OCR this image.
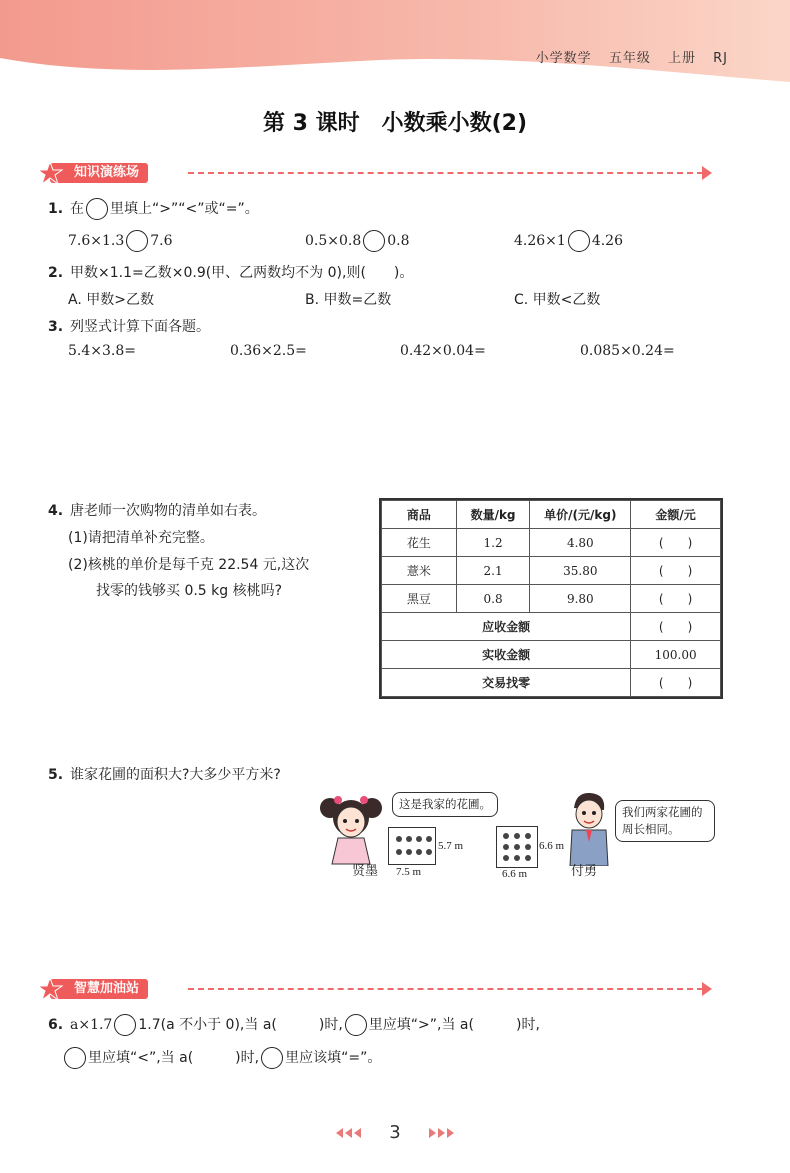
小学数学 五年级 上册 RJ
第 3 课时　小数乘小数(2)
知识演练场
1. 在 里填上“>”“<”或“=”。
7.6×1.3 7.6	0.5×0.8 0.8	4.26×1 4.26
2. 甲数×1.1=乙数×0.9(甲、乙两数均不为 0),则(　　)。
A. 甲数>乙数	B. 甲数=乙数	C. 甲数<乙数
3. 列竖式计算下面各题。
5.4×3.8=	0.36×2.5=	0.42×0.04=	0.085×0.24=
4. 唐老师一次购物的清单如右表。
(1)请把清单补充完整。
(2)核桃的单价是每千克 22.54 元,这次
找零的钱够买 0.5 kg 核桃吗?
商品	数量/kg	单价/(元/kg)	金额/元
花生	1.2	4.80	(　　)
薏米	2.1	35.80	(　　)
黑豆	0.8	9.80	(　　)
应收金额			(　　)
实收金额			100.00
交易找零			(　　)
5. 谁家花圃的面积大?大多少平方米?
这是我家的花圃。
贤墨
5.7 m
7.5 m
6.6 m
6.6 m
我们两家花圃的周长相同。
付勇
智慧加油站
6. a×1.7 1.7(a 不小于 0),当 a(　　　)时, 里应填“>”,当 a(　　　)时,
里应填“<”,当 a(　　　)时, 里应该填“=”。
3
